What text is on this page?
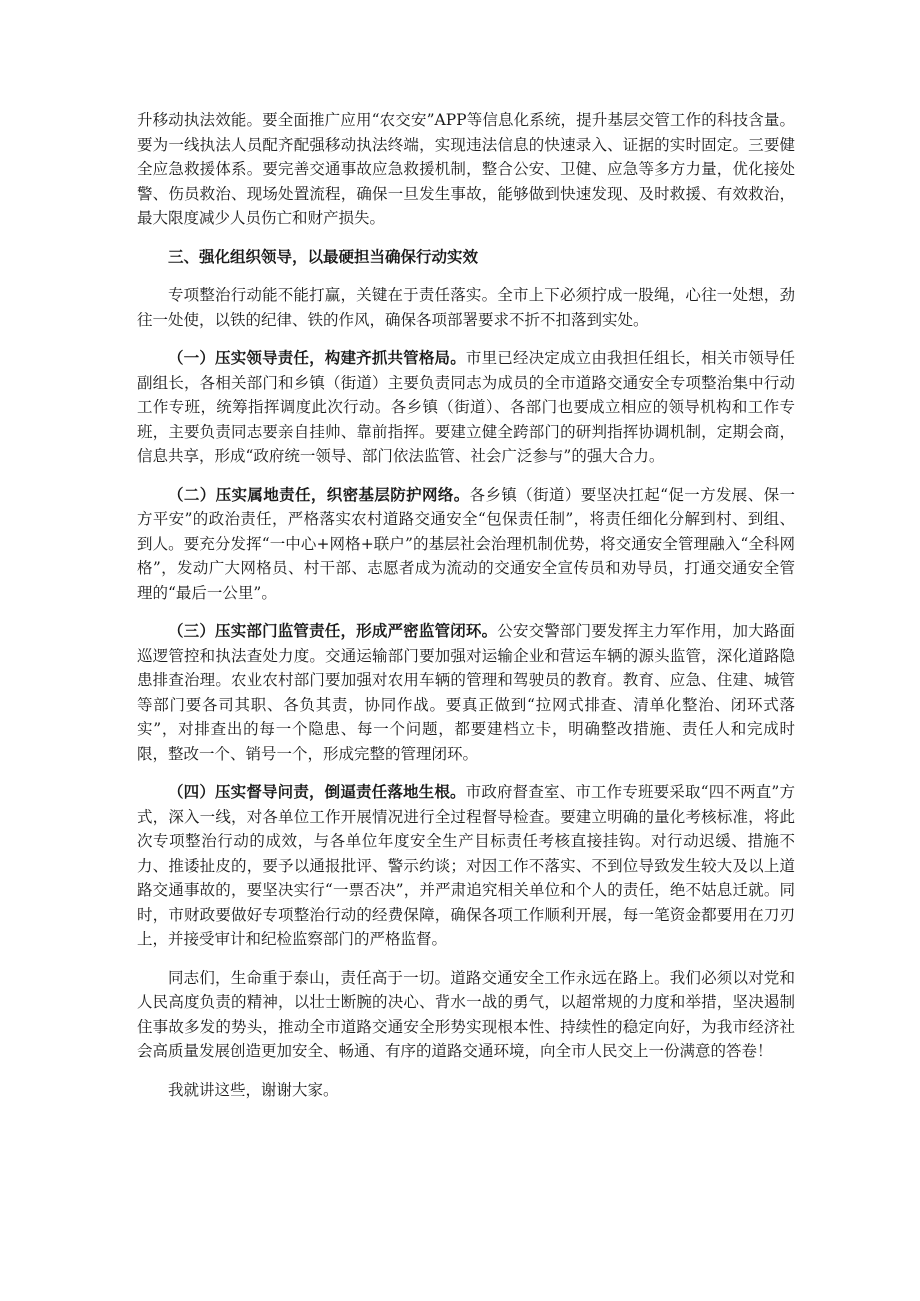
升移动执法效能。要全面推广应用“农交安”APP等信息化系统，提升基层交管工作的科技含量。要为一线执法人员配齐配强移动执法终端，实现违法信息的快速录入、证据的实时固定。三要健全应急救援体系。要完善交通事故应急救援机制，整合公安、卫健、应急等多方力量，优化接处警、伤员救治、现场处置流程，确保一旦发生事故，能够做到快速发现、及时救援、有效救治，最大限度减少人员伤亡和财产损失。

三、强化组织领导，以最硬担当确保行动实效

专项整治行动能不能打赢，关键在于责任落实。全市上下必须拧成一股绳，心往一处想，劲往一处使，以铁的纪律、铁的作风，确保各项部署要求不折不扣落到实处。

（一）压实领导责任，构建齐抓共管格局。市里已经决定成立由我担任组长，相关市领导任副组长，各相关部门和乡镇（街道）主要负责同志为成员的全市道路交通安全专项整治集中行动工作专班，统筹指挥调度此次行动。各乡镇（街道）、各部门也要成立相应的领导机构和工作专班，主要负责同志要亲自挂帅、靠前指挥。要建立健全跨部门的研判指挥协调机制，定期会商，信息共享，形成“政府统一领导、部门依法监管、社会广泛参与”的强大合力。

（二）压实属地责任，织密基层防护网络。各乡镇（街道）要坚决扛起“促一方发展、保一方平安”的政治责任，严格落实农村道路交通安全“包保责任制”，将责任细化分解到村、到组、到人。要充分发挥“一中心+网格+联户”的基层社会治理机制优势，将交通安全管理融入“全科网格”，发动广大网格员、村干部、志愿者成为流动的交通安全宣传员和劝导员，打通交通安全管理的“最后一公里”。

（三）压实部门监管责任，形成严密监管闭环。公安交警部门要发挥主力军作用，加大路面巡逻管控和执法查处力度。交通运输部门要加强对运输企业和营运车辆的源头监管，深化道路隐患排查治理。农业农村部门要加强对农用车辆的管理和驾驶员的教育。教育、应急、住建、城管等部门要各司其职、各负其责，协同作战。要真正做到“拉网式排查、清单化整治、闭环式落实”，对排查出的每一个隐患、每一个问题，都要建档立卡，明确整改措施、责任人和完成时限，整改一个、销号一个，形成完整的管理闭环。

（四）压实督导问责，倒逼责任落地生根。市政府督查室、市工作专班要采取“四不两直”方式，深入一线，对各单位工作开展情况进行全过程督导检查。要建立明确的量化考核标准，将此次专项整治行动的成效，与各单位年度安全生产目标责任考核直接挂钩。对行动迟缓、措施不力、推诿扯皮的，要予以通报批评、警示约谈；对因工作不落实、不到位导致发生较大及以上道路交通事故的，要坚决实行“一票否决”，并严肃追究相关单位和个人的责任，绝不姑息迁就。同时，市财政要做好专项整治行动的经费保障，确保各项工作顺利开展，每一笔资金都要用在刀刃上，并接受审计和纪检监察部门的严格监督。

同志们，生命重于泰山，责任高于一切。道路交通安全工作永远在路上。我们必须以对党和人民高度负责的精神，以壮士断腕的决心、背水一战的勇气，以超常规的力度和举措，坚决遏制住事故多发的势头，推动全市道路交通安全形势实现根本性、持续性的稳定向好，为我市经济社会高质量发展创造更加安全、畅通、有序的道路交通环境，向全市人民交上一份满意的答卷！

我就讲这些，谢谢大家。
